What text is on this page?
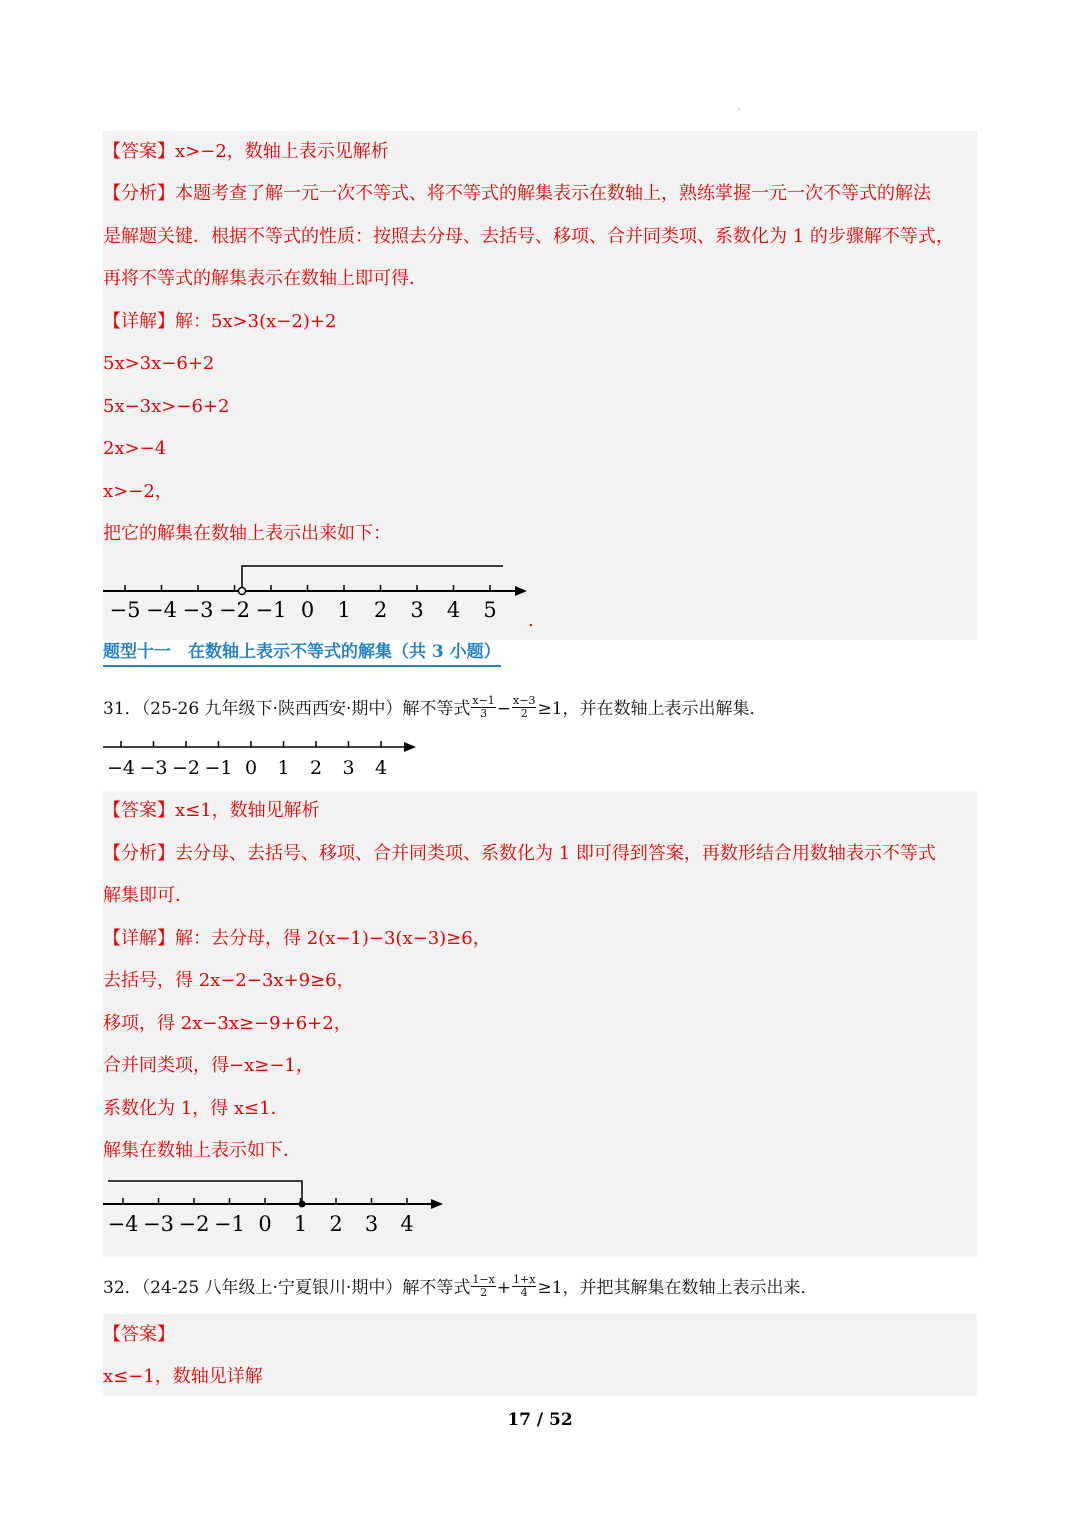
'
【答案】x>−2，数轴上表示见解析
【分析】本题考查了解一元一次不等式、将不等式的解集表示在数轴上，熟练掌握一元一次不等式的解法
是解题关键．根据不等式的性质：按照去分母、去括号、移项、合并同类项、系数化为 1 的步骤解不等式，
再将不等式的解集表示在数轴上即可得．
【详解】解：5x>3(x−2)+2
5x>3x−6+2
5x−3x>−6+2
2x>−4
x>−2，
把它的解集在数轴上表示出来如下：
−5 −4 −3 −2 −1 0 1 2 3 4 5 .
题型十一　在数轴上表示不等式的解集（共 3 小题）
31．（25-26 九年级下·陕西西安·期中）解不等式 $\frac{x-1}{3} - \frac{x-3}{2} \ge 1$，并在数轴上表示出解集．
−4 −3 −2 −1 0 1 2 3 4
【答案】x≤1，数轴见解析
【分析】去分母、去括号、移项、合并同类项、系数化为 1 即可得到答案，再数形结合用数轴表示不等式
解集即可．
【详解】解：去分母，得 2(x−1)−3(x−3)≥6，
去括号，得 2x−2−3x+9≥6，
移项，得 2x−3x≥−9+6+2，
合并同类项，得−x≥−1，
系数化为 1，得 x≤1．
解集在数轴上表示如下．
−4 −3 −2 −1 0 1 2 3 4
32．（24-25 八年级上·宁夏银川·期中）解不等式 $\frac{1-x}{2} + \frac{1+x}{4} \ge 1$，并把其解集在数轴上表示出来．
【答案】
x≤−1，数轴见详解
17 / 52
